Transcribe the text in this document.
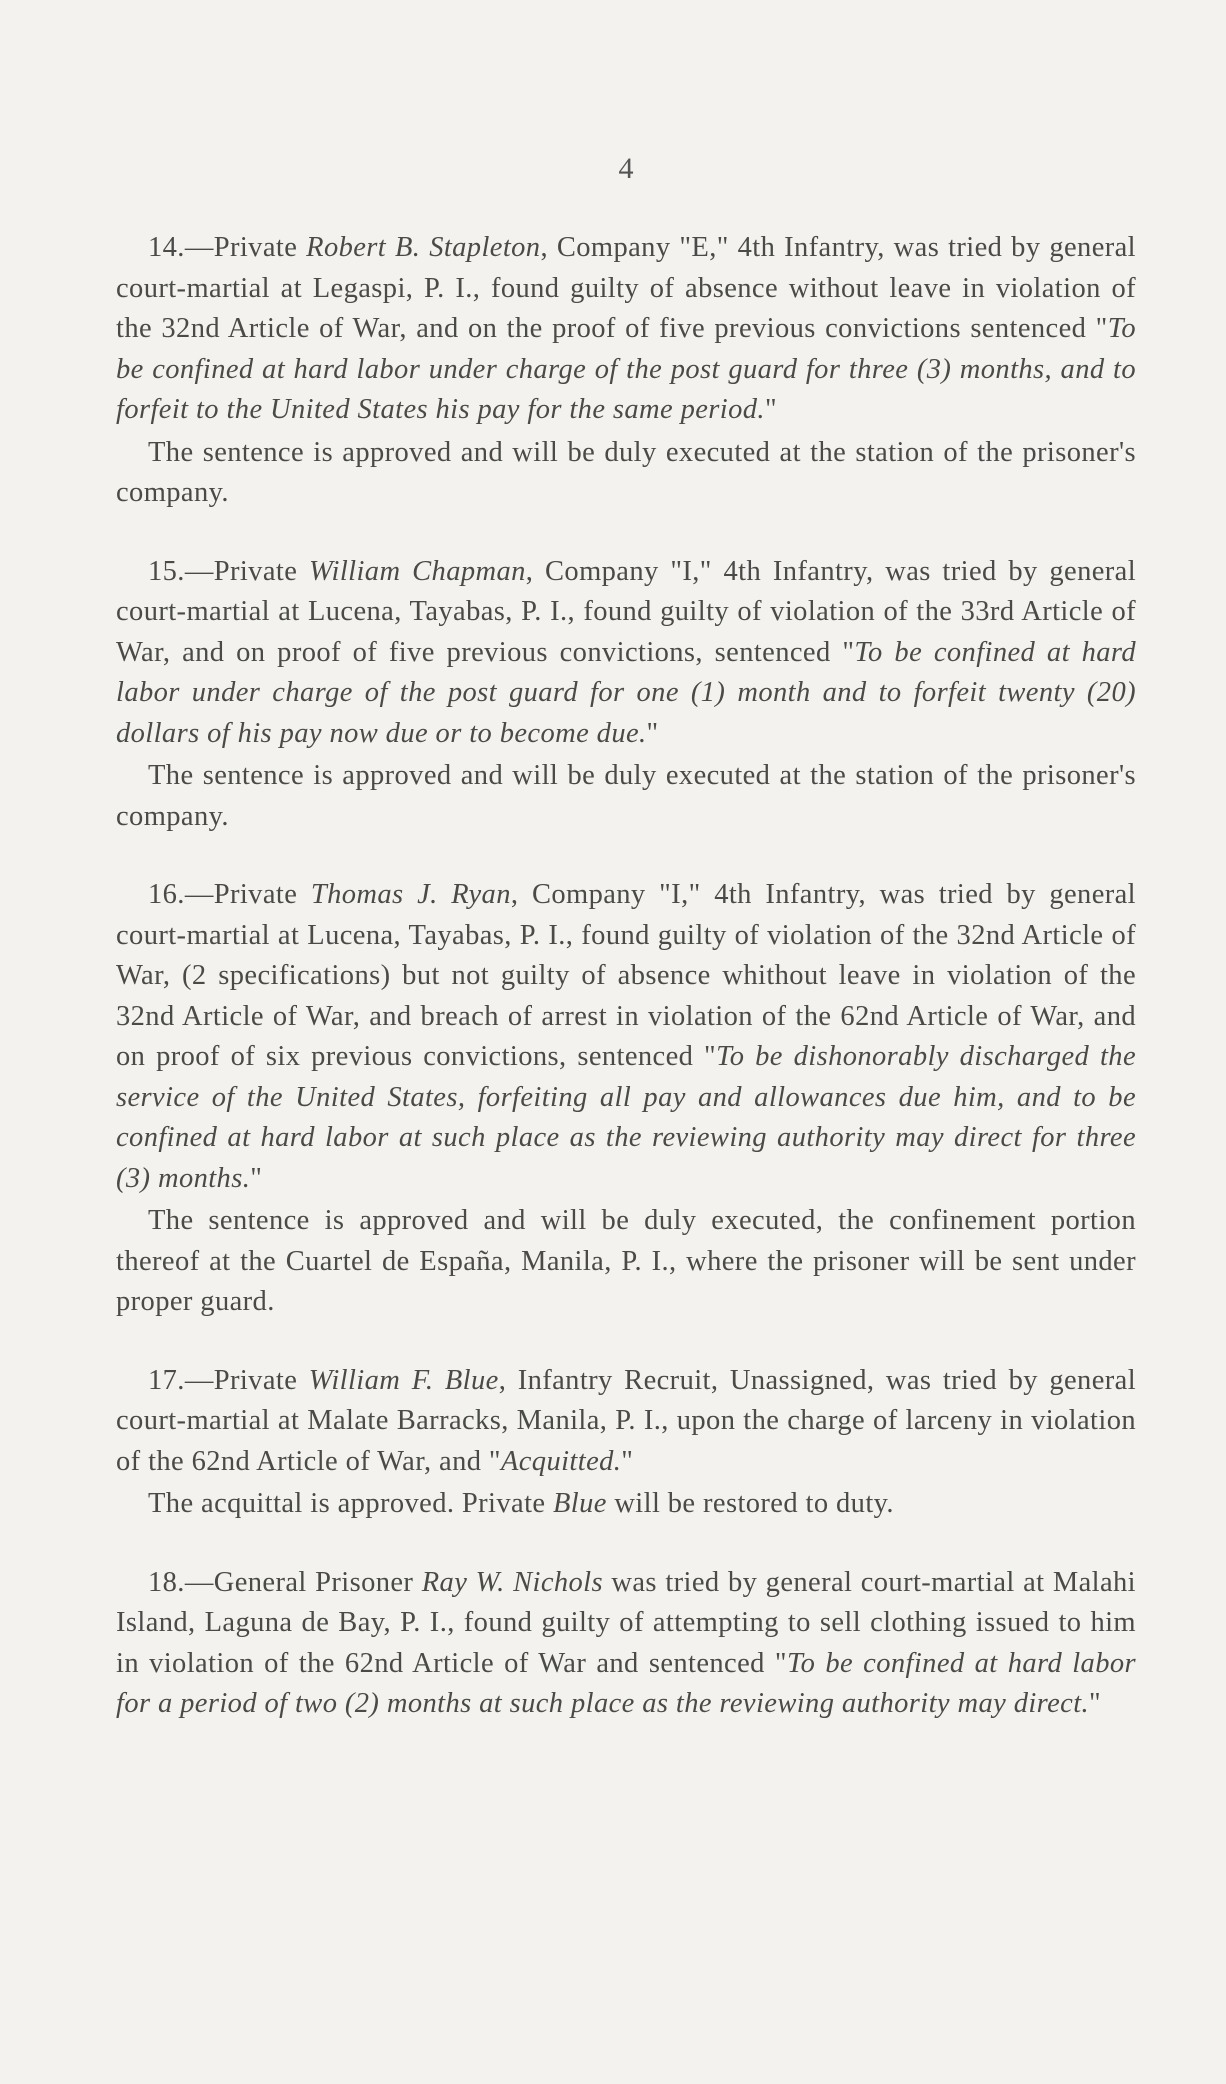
4

14.—Private Robert B. Stapleton, Company "E," 4th Infantry, was tried by general court-martial at Legaspi, P. I., found guilty of absence without leave in violation of the 32nd Article of War, and on the proof of five previous convictions sentenced "To be confined at hard labor under charge of the post guard for three (3) months, and to forfeit to the United States his pay for the same period."

The sentence is approved and will be duly executed at the station of the prisoner's company.

15.—Private William Chapman, Company "I," 4th Infantry, was tried by general court-martial at Lucena, Tayabas, P. I., found guilty of violation of the 33rd Article of War, and on proof of five previous convictions, sentenced "To be confined at hard labor under charge of the post guard for one (1) month and to forfeit twenty (20) dollars of his pay now due or to become due."

The sentence is approved and will be duly executed at the station of the prisoner's company.

16.—Private Thomas J. Ryan, Company "I," 4th Infantry, was tried by general court-martial at Lucena, Tayabas, P. I., found guilty of violation of the 32nd Article of War, (2 specifications) but not guilty of absence whithout leave in violation of the 32nd Article of War, and breach of arrest in violation of the 62nd Article of War, and on proof of six previous convictions, sentenced "To be dishonorably discharged the service of the United States, forfeiting all pay and allowances due him, and to be confined at hard labor at such place as the reviewing authority may direct for three (3) months."

The sentence is approved and will be duly executed, the confinement portion thereof at the Cuartel de España, Manila, P. I., where the prisoner will be sent under proper guard.

17.—Private William F. Blue, Infantry Recruit, Unassigned, was tried by general court-martial at Malate Barracks, Manila, P. I., upon the charge of larceny in violation of the 62nd Article of War, and "Acquitted."

The acquittal is approved. Private Blue will be restored to duty.

18.—General Prisoner Ray W. Nichols was tried by general court-martial at Malahi Island, Laguna de Bay, P. I., found guilty of attempting to sell clothing issued to him in violation of the 62nd Article of War and sentenced "To be confined at hard labor for a period of two (2) months at such place as the reviewing authority may direct."
